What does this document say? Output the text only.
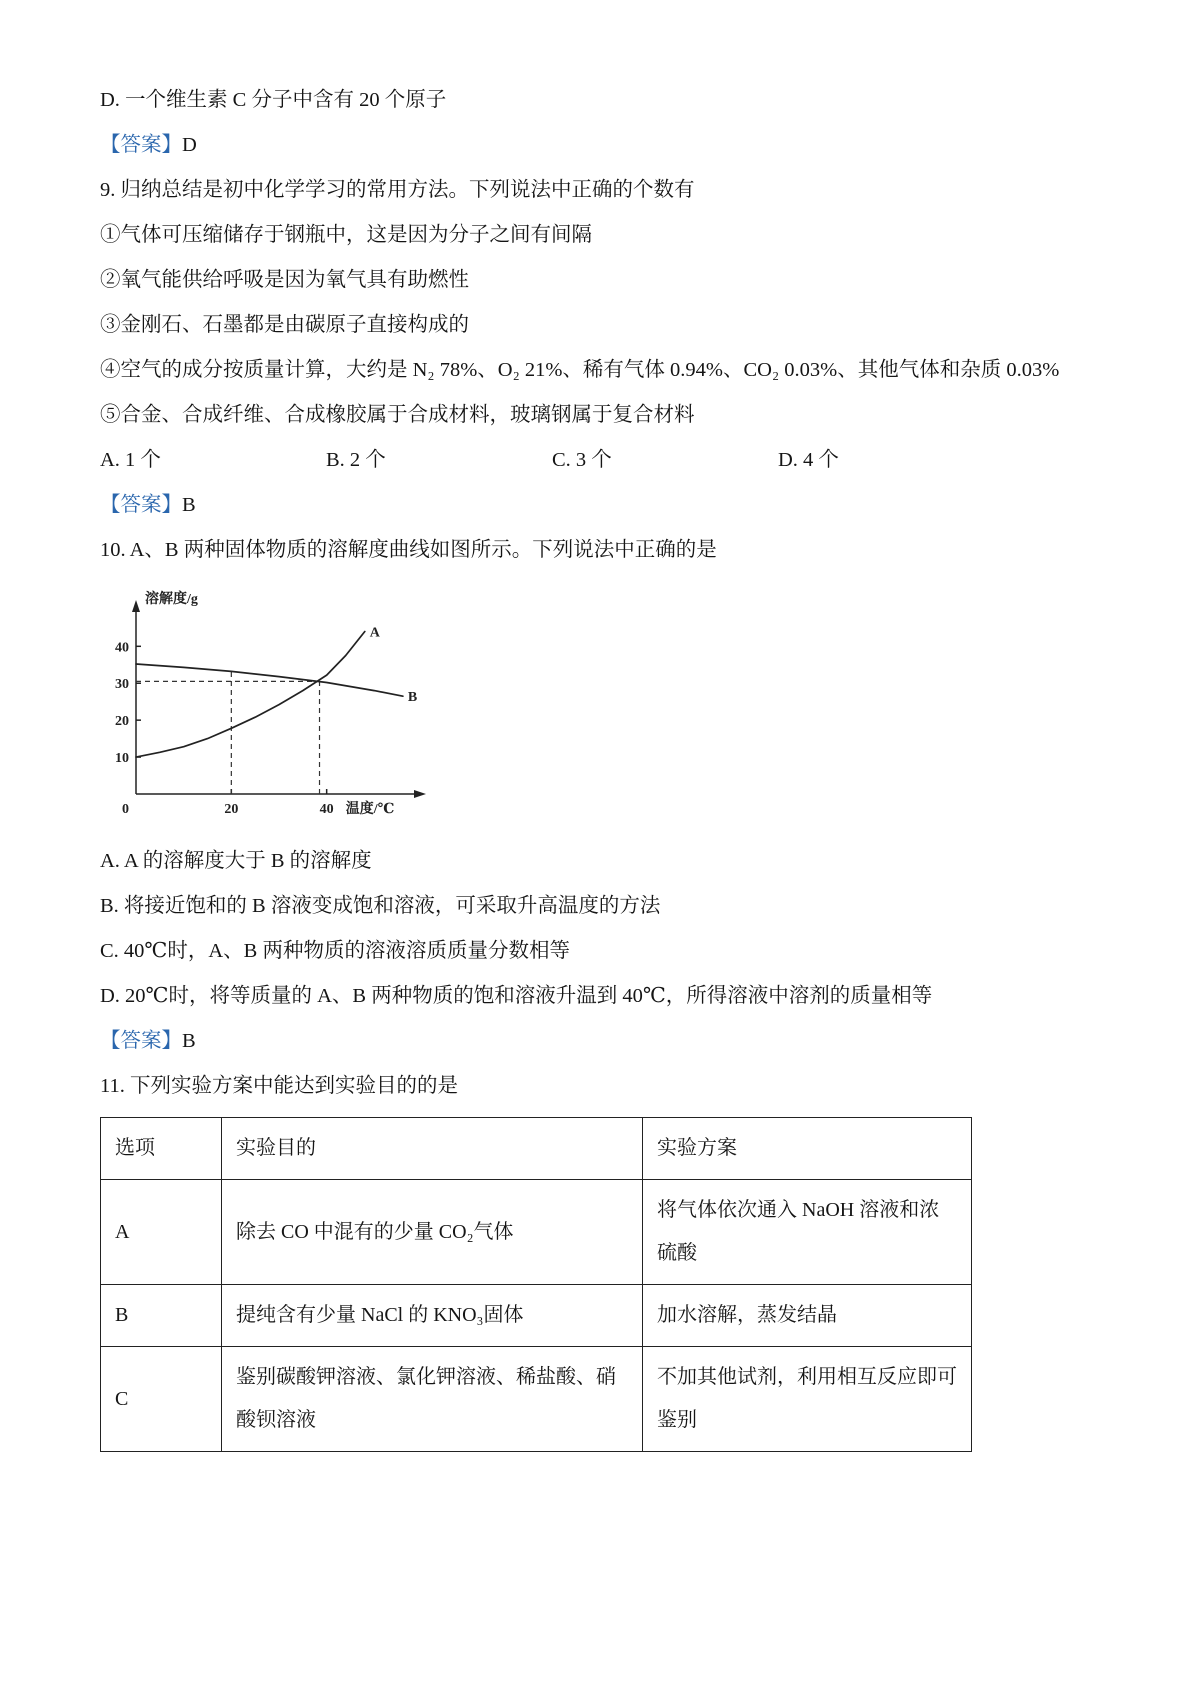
D. 一个维生素 C 分子中含有 20 个原子

【答案】D

9. 归纳总结是初中化学学习的常用方法。下列说法中正确的个数有

①气体可压缩储存于钢瓶中，这是因为分子之间有间隔

②氧气能供给呼吸是因为氧气具有助燃性

③金刚石、石墨都是由碳原子直接构成的

④空气的成分按质量计算，大约是 N₂ 78%、O₂ 21%、稀有气体 0.94%、CO₂ 0.03%、其他气体和杂质 0.03%

⑤合金、合成纤维、合成橡胶属于合成材料，玻璃钢属于复合材料

A. 1 个	B. 2 个	C. 3 个	D. 4 个

【答案】B

10. A、B 两种固体物质的溶解度曲线如图所示。下列说法中正确的是

10
20
30
40
0	20	40
溶解度/g
温度/℃
A
B

A. A 的溶解度大于 B 的溶解度

B. 将接近饱和的 B 溶液变成饱和溶液，可采取升高温度的方法

C. 40℃时，A、B 两种物质的溶液溶质质量分数相等

D. 20℃时，将等质量的 A、B 两种物质的饱和溶液升温到 40℃，所得溶液中溶剂的质量相等

【答案】B

11. 下列实验方案中能达到实验目的的是

选项	实验目的	实验方案
A	除去 CO 中混有的少量 CO₂气体	将气体依次通入 NaOH 溶液和浓硫酸
B	提纯含有少量 NaCl 的 KNO₃固体	加水溶解，蒸发结晶
C	鉴别碳酸钾溶液、氯化钾溶液、稀盐酸、硝酸钡溶液	不加其他试剂，利用相互反应即可鉴别
